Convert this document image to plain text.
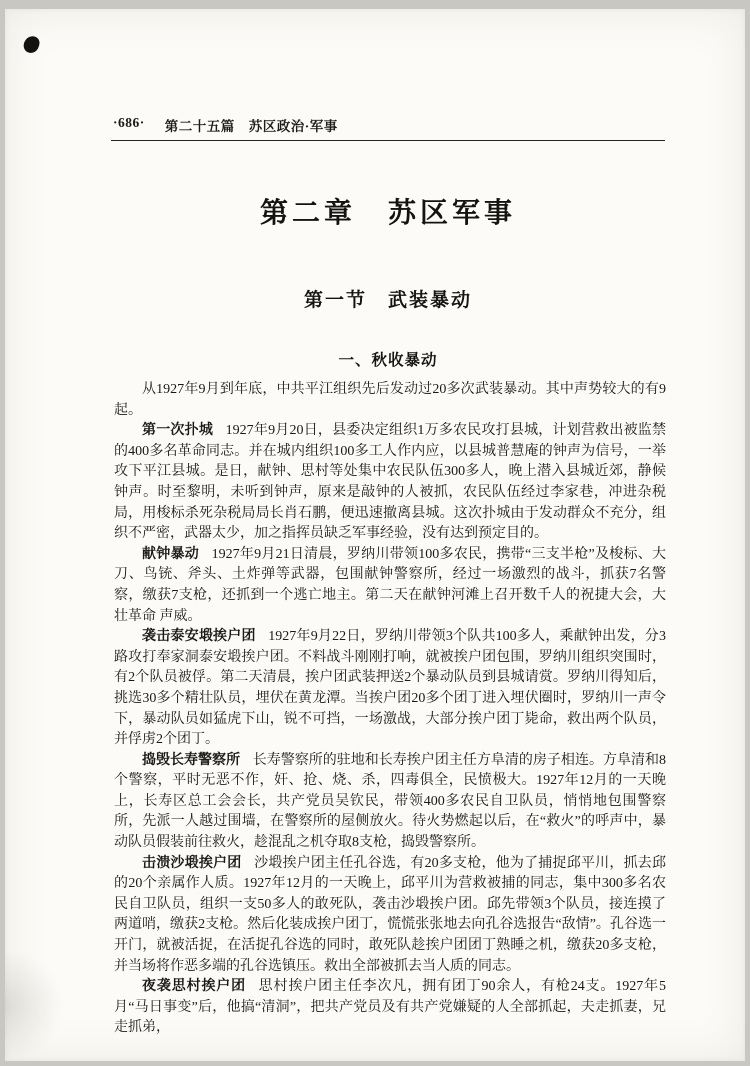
·686· 第二十五篇　苏区政治·军事
第二章　苏区军事
第一节　武装暴动
一、秋收暴动

从1927年9月到年底，中共平江组织先后发动过20多次武装暴动。其中声势较大的有9起。

第一次扑城 1927年9月20日，县委决定组织1万多农民攻打县城，计划营救出被监禁的400多名革命同志。并在城内组织100多工人作内应，以县城普慧庵的钟声为信号，一举攻下平江县城。是日，献钟、思村等处集中农民队伍300多人，晚上潜入县城近郊，静候钟声。时至黎明，未听到钟声，原来是敲钟的人被抓，农民队伍经过李家巷，冲进杂税局，用梭标杀死杂税局局长肖石鹏，便迅速撤离县城。这次扑城由于发动群众不充分，组织不严密，武器太少，加之指挥员缺乏军事经验，没有达到预定目的。

献钟暴动 1927年9月21日清晨，罗纳川带领100多农民，携带“三支半枪”及梭标、大刀、鸟铳、斧头、土炸弹等武器，包围献钟警察所，经过一场激烈的战斗，抓获7名警察，缴获7支枪，还抓到一个逃亡地主。第二天在献钟河滩上召开数千人的祝捷大会，大壮革命 声威。

袭击泰安塅挨户团 1927年9月22日，罗纳川带领3个队共100多人，乘献钟出发，分3路攻打奉家洞泰安塅挨户团。不料战斗刚刚打响，就被挨户团包围，罗纳川组织突围时，有2个队员被俘。第二天清晨，挨户团武装押送2个暴动队员到县城请赏。罗纳川得知后，挑选30多个精壮队员，埋伏在黄龙潭。当挨户团20多个团丁进入埋伏圈时，罗纳川一声令下，暴动队员如猛虎下山，锐不可挡，一场激战，大部分挨户团丁毙命，救出两个队员，并俘虏2个团丁。

捣毁长寿警察所 长寿警察所的驻地和长寿挨户团主任方阜清的房子相连。方阜清和8个警察，平时无恶不作，奸、抢、烧、杀，四毒俱全，民愤极大。1927年12月的一天晚上，长寿区总工会会长，共产党员吴钦民，带领400多农民自卫队员，悄悄地包围警察所，先派一人越过围墙，在警察所的屋侧放火。待火势燃起以后，在“救火”的呼声中，暴动队员假装前往救火，趁混乱之机夺取8支枪，捣毁警察所。

击溃沙塅挨户团 沙塅挨户团主任孔谷选，有20多支枪，他为了捕捉邱平川，抓去邱的20个亲属作人质。1927年12月的一天晚上，邱平川为营救被捕的同志，集中300多名农民自卫队员，组织一支50多人的敢死队，袭击沙塅挨户团。邱先带领3个队员，接连摸了两道哨，缴获2支枪。然后化装成挨户团丁，慌慌张张地去向孔谷选报告“敌情”。孔谷选一开门，就被活捉，在活捉孔谷选的同时，敢死队趁挨户团团丁熟睡之机，缴获20多支枪，并当场将作恶多端的孔谷选镇压。救出全部被抓去当人质的同志。

夜袭思村挨户团 思村挨户团主任李次凡，拥有团丁90余人，有枪24支。1927年5月“马日事变”后，他搞“清洞”，把共产党员及有共产党嫌疑的人全部抓起，夫走抓妻，兄走抓弟，
